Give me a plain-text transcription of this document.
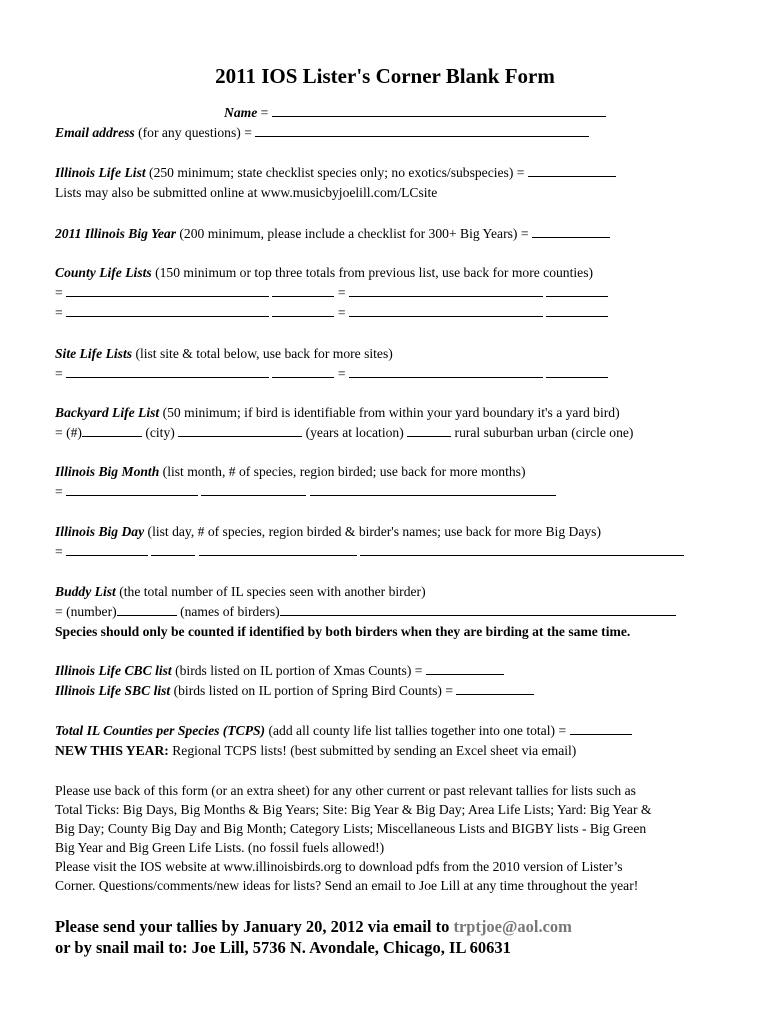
2011 IOS Lister's Corner Blank Form
Name =
Email address (for any questions) =
Illinois Life List (250 minimum; state checklist species only; no exotics/subspecies) =
Lists may also be submitted online at www.musicbyjoelill.com/LCsite
2011 Illinois Big Year (200 minimum, please include a checklist for 300+ Big Years) =
County Life Lists (150 minimum or top three totals from previous list, use back for more counties)
=	=
=	=
Site Life Lists (list site & total below, use back for more sites)
=	=
Backyard Life List (50 minimum; if bird is identifiable from within your yard boundary it's a yard bird)
= (#)	(city)	(years at location)	rural suburban urban (circle one)
Illinois Big Month (list month, # of species, region birded; use back for more months)
=
Illinois Big Day (list day, # of species, region birded & birder's names; use back for more Big Days)
=
Buddy List (the total number of IL species seen with another birder)
= (number)	(names of birders)
Species should only be counted if identified by both birders when they are birding at the same time.
Illinois Life CBC list (birds listed on IL portion of Xmas Counts) =
Illinois Life SBC list (birds listed on IL portion of Spring Bird Counts) =
Total IL Counties per Species (TCPS) (add all county life list tallies together into one total) =
NEW THIS YEAR: Regional TCPS lists! (best submitted by sending an Excel sheet via email)
Please use back of this form (or an extra sheet) for any other current or past relevant tallies for lists such as
Total Ticks: Big Days, Big Months & Big Years; Site: Big Year & Big Day; Area Life Lists; Yard: Big Year &
Big Day; County Big Day and Big Month; Category Lists; Miscellaneous Lists and BIGBY lists - Big Green
Big Year and Big Green Life Lists. (no fossil fuels allowed!)
Please visit the IOS website at www.illinoisbirds.org to download pdfs from the 2010 version of Lister’s
Corner. Questions/comments/new ideas for lists? Send an email to Joe Lill at any time throughout the year!
Please send your tallies by January 20, 2012 via email to trptjoe@aol.com
or by snail mail to: Joe Lill, 5736 N. Avondale, Chicago, IL 60631
